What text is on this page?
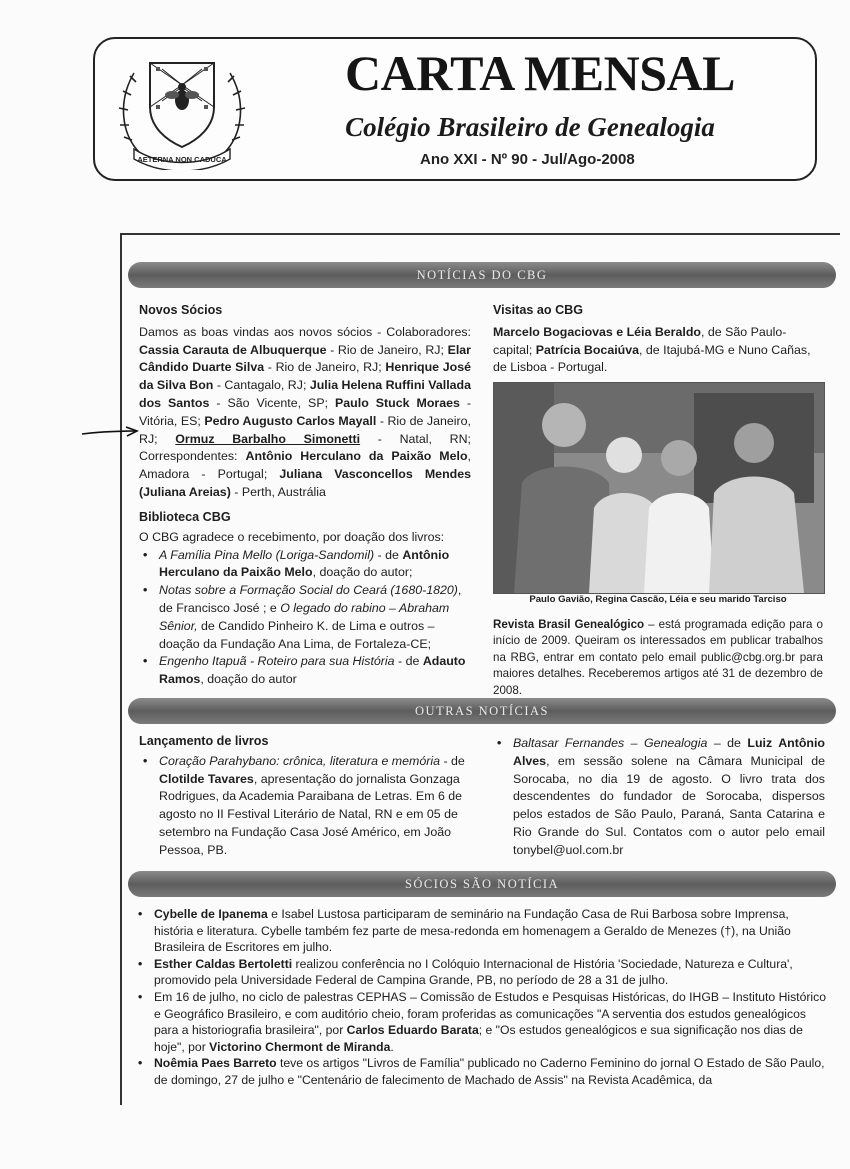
AETERNA NON CADUCA
CARTA MENSAL
Colégio Brasileiro de Genealogia
Ano XXI - Nº 90 - Jul/Ago-2008
NOTÍCIAS DO CBG
Novos Sócios
Damos as boas vindas aos novos sócios - Colaboradores: Cassia Carauta de Albuquerque - Rio de Janeiro, RJ; Elar Cândido Duarte Silva - Rio de Janeiro, RJ; Henrique José da Silva Bon - Cantagalo, RJ; Julia Helena Ruffini Vallada dos Santos - São Vicente, SP; Paulo Stuck Moraes - Vitória, ES; Pedro Augusto Carlos Mayall - Rio de Janeiro, RJ; Ormuz Barbalho Simonetti - Natal, RN; Correspondentes: Antônio Herculano da Paixão Melo, Amadora - Portugal; Juliana Vasconcellos Mendes (Juliana Areias) - Perth, Austrália
Biblioteca CBG
O CBG agradece o recebimento, por doação dos livros:
• A Família Pina Mello (Loriga-Sandomil) - de Antônio Herculano da Paixão Melo, doação do autor;
• Notas sobre a Formação Social do Ceará (1680-1820), de Francisco José ; e O legado do rabino – Abraham Sênior, de Candido Pinheiro K. de Lima e outros – doação da Fundação Ana Lima, de Fortaleza-CE;
• Engenho Itapuã - Roteiro para sua História - de Adauto Ramos, doação do autor
Visitas ao CBG
Marcelo Bogaciovas e Léia Beraldo, de São Paulo-capital; Patrícia Bocaiúva, de Itajubá-MG e Nuno Cañas, de Lisboa - Portugal.
Paulo Gavião, Regina Cascão, Léia e seu marido Tarciso
Revista Brasil Genealógico – está programada edição para o início de 2009. Queiram os interessados em publicar trabalhos na RBG, entrar em contato pelo email public@cbg.org.br para maiores detalhes. Receberemos artigos até 31 de dezembro de 2008.
OUTRAS NOTÍCIAS
Lançamento de livros
• Coração Parahybano: crônica, literatura e memória - de Clotilde Tavares, apresentação do jornalista Gonzaga Rodrigues, da Academia Paraibana de Letras. Em 6 de agosto no II Festival Literário de Natal, RN e em 05 de setembro na Fundação Casa José Américo, em João Pessoa, PB.
• Baltasar Fernandes – Genealogia – de Luiz Antônio Alves, em sessão solene na Câmara Municipal de Sorocaba, no dia 19 de agosto. O livro trata dos descendentes do fundador de Sorocaba, dispersos pelos estados de São Paulo, Paraná, Santa Catarina e Rio Grande do Sul. Contatos com o autor pelo email tonybel@uol.com.br
SÓCIOS SÃO NOTÍCIA
• Cybelle de Ipanema e Isabel Lustosa participaram de seminário na Fundação Casa de Rui Barbosa sobre Imprensa, história e literatura. Cybelle também fez parte de mesa-redonda em homenagem a Geraldo de Menezes (†), na União Brasileira de Escritores em julho.
• Esther Caldas Bertoletti realizou conferência no I Colóquio Internacional de História 'Sociedade, Natureza e Cultura', promovido pela Universidade Federal de Campina Grande, PB, no período de 28 a 31 de julho.
• Em 16 de julho, no ciclo de palestras CEPHAS – Comissão de Estudos e Pesquisas Históricas, do IHGB – Instituto Histórico e Geográfico Brasileiro, e com auditório cheio, foram proferidas as comunicações "A serventia dos estudos genealógicos para a historiografia brasileira", por Carlos Eduardo Barata; e "Os estudos genealógicos e sua significação nos dias de hoje", por Victorino Chermont de Miranda.
• Noêmia Paes Barreto teve os artigos "Livros de Família" publicado no Caderno Feminino do jornal O Estado de São Paulo, de domingo, 27 de julho e "Centenário de falecimento de Machado de Assis" na Revista Acadêmica, da
